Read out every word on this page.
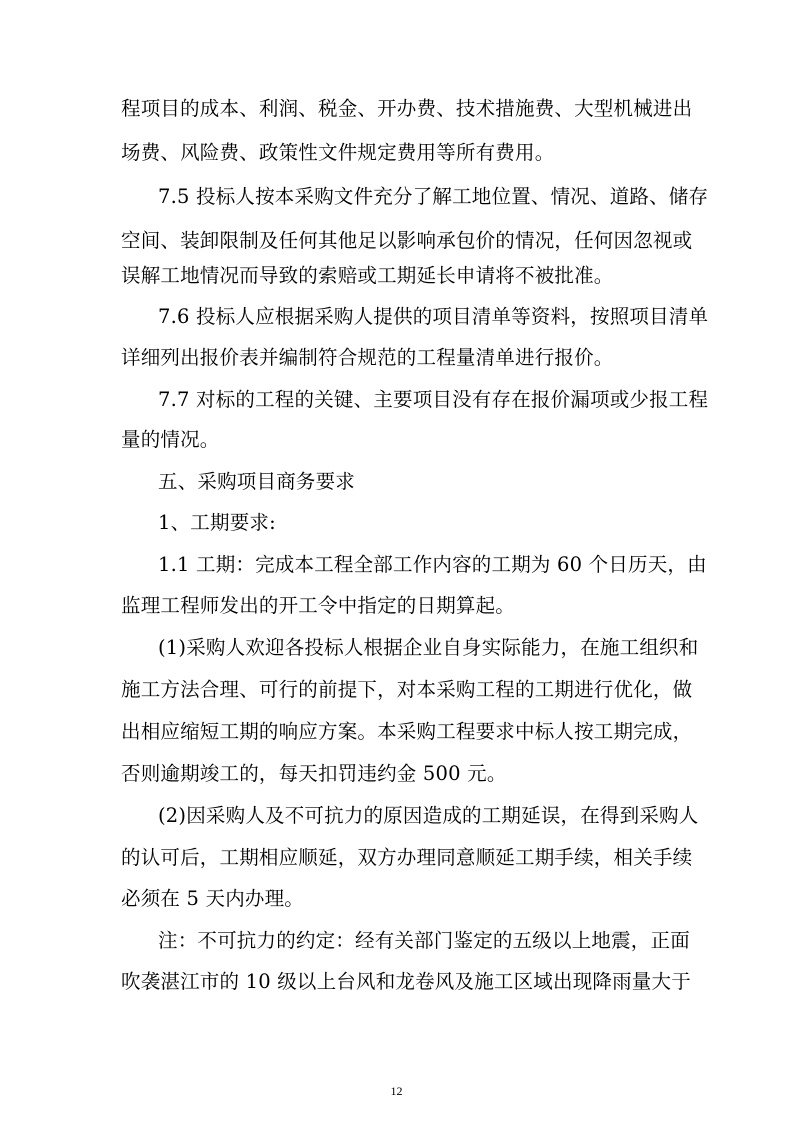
程项目的成本、利润、税金、开办费、技术措施费、大型机械进出
场费、风险费、政策性文件规定费用等所有费用。
7.5 投标人按本采购文件充分了解工地位置、情况、道路、储存
空间、装卸限制及任何其他足以影响承包价的情况，任何因忽视或
误解工地情况而导致的索赔或工期延长申请将不被批准。
7.6 投标人应根据采购人提供的项目清单等资料，按照项目清单
详细列出报价表并编制符合规范的工程量清单进行报价。
7.7 对标的工程的关键、主要项目没有存在报价漏项或少报工程
量的情况。
五、采购项目商务要求
1、工期要求:
1.1 工期：完成本工程全部工作内容的工期为 60 个日历天，由
监理工程师发出的开工令中指定的日期算起。
(1)采购人欢迎各投标人根据企业自身实际能力，在施工组织和
施工方法合理、可行的前提下，对本采购工程的工期进行优化，做
出相应缩短工期的响应方案。本采购工程要求中标人按工期完成，
否则逾期竣工的，每天扣罚违约金 500 元。
(2)因采购人及不可抗力的原因造成的工期延误，在得到采购人
的认可后，工期相应顺延，双方办理同意顺延工期手续，相关手续
必须在 5 天内办理。
注：不可抗力的约定：经有关部门鉴定的五级以上地震，正面
吹袭湛江市的 10 级以上台风和龙卷风及施工区域出现降雨量大于
12
